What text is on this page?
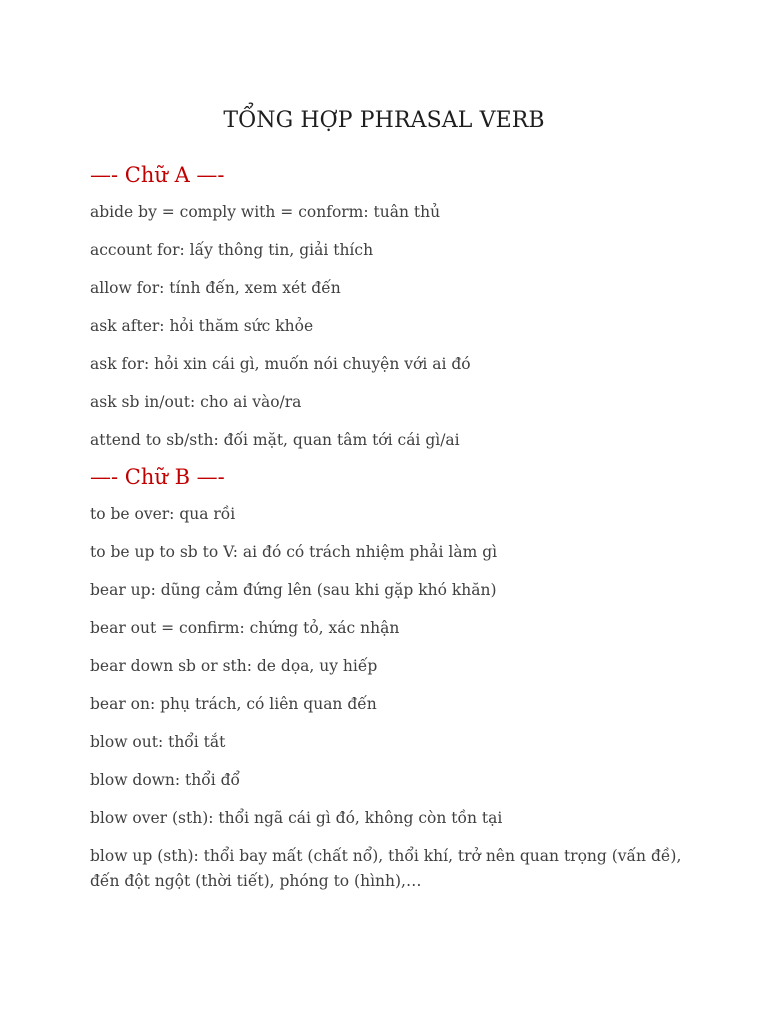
TỔNG HỢP PHRASAL VERB
—- Chữ A —-

abide by = comply with = conform: tuân thủ

account for: lấy thông tin, giải thích

allow for: tính đến, xem xét đến

ask after: hỏi thăm sức khỏe

ask for: hỏi xin cái gì, muốn nói chuyện với ai đó

ask sb in/out: cho ai vào/ra

attend to sb/sth: đối mặt, quan tâm tới cái gì/ai

—- Chữ B —-

to be over: qua rồi

to be up to sb to V: ai đó có trách nhiệm phải làm gì

bear up: dũng cảm đứng lên (sau khi gặp khó khăn)

bear out = confirm: chứng tỏ, xác nhận

bear down sb or sth: de dọa, uy hiếp

bear on: phụ trách, có liên quan đến

blow out: thổi tắt

blow down: thổi đổ

blow over (sth): thổi ngã cái gì đó, không còn tồn tại

blow up (sth): thổi bay mất (chất nổ), thổi khí, trở nên quan trọng (vấn đề), đến đột ngột (thời tiết), phóng to (hình),…
